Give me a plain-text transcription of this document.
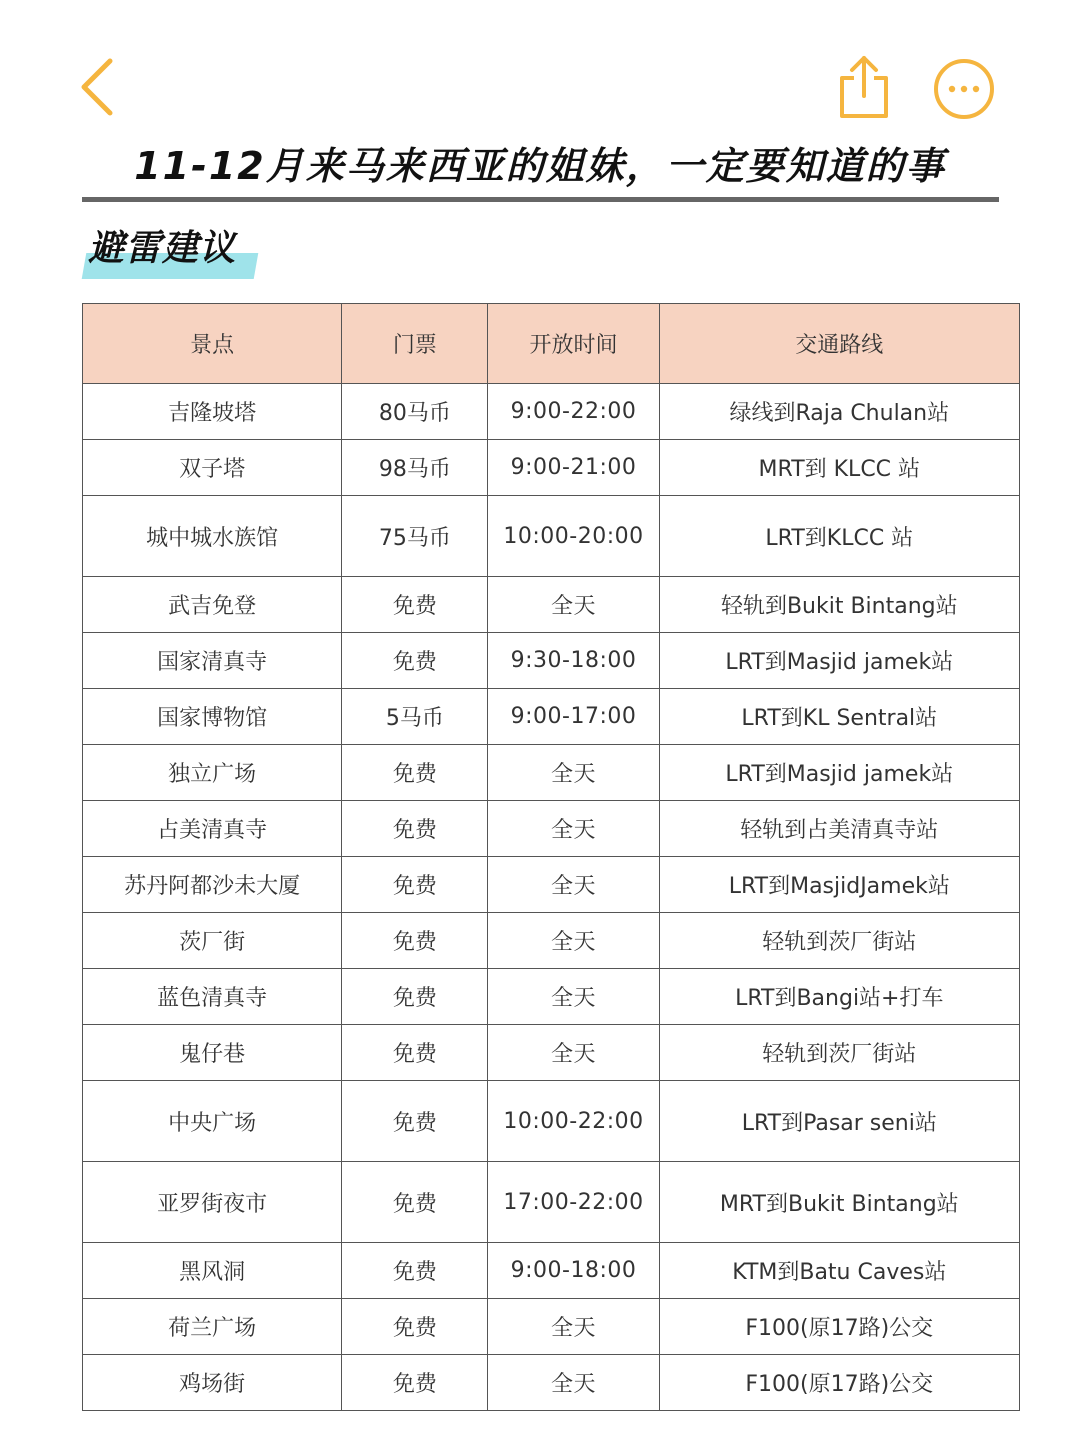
11-12月来马来西亚的姐妹，一定要知道的事
避雷建议
景点	门票	开放时间	交通路线
吉隆坡塔	80马币	9:00-22:00	绿线到Raja Chulan站
双子塔	98马币	9:00-21:00	MRT到 KLCC 站
城中城水族馆	75马币	10:00-20:00	LRT到KLCC 站
武吉免登	免费	全天	轻轨到Bukit Bintang站
国家清真寺	免费	9:30-18:00	LRT到Masjid jamek站
国家博物馆	5马币	9:00-17:00	LRT到KL Sentral站
独立广场	免费	全天	LRT到Masjid jamek站
占美清真寺	免费	全天	轻轨到占美清真寺站
苏丹阿都沙未大厦	免费	全天	LRT到MasjidJamek站
茨厂街	免费	全天	轻轨到茨厂街站
蓝色清真寺	免费	全天	LRT到Bangi站+打车
鬼仔巷	免费	全天	轻轨到茨厂街站
中央广场	免费	10:00-22:00	LRT到Pasar seni站
亚罗街夜市	免费	17:00-22:00	MRT到Bukit Bintang站
黑风洞	免费	9:00-18:00	KTM到Batu Caves站
荷兰广场	免费	全天	F100(原17路)公交
鸡场街	免费	全天	F100(原17路)公交
